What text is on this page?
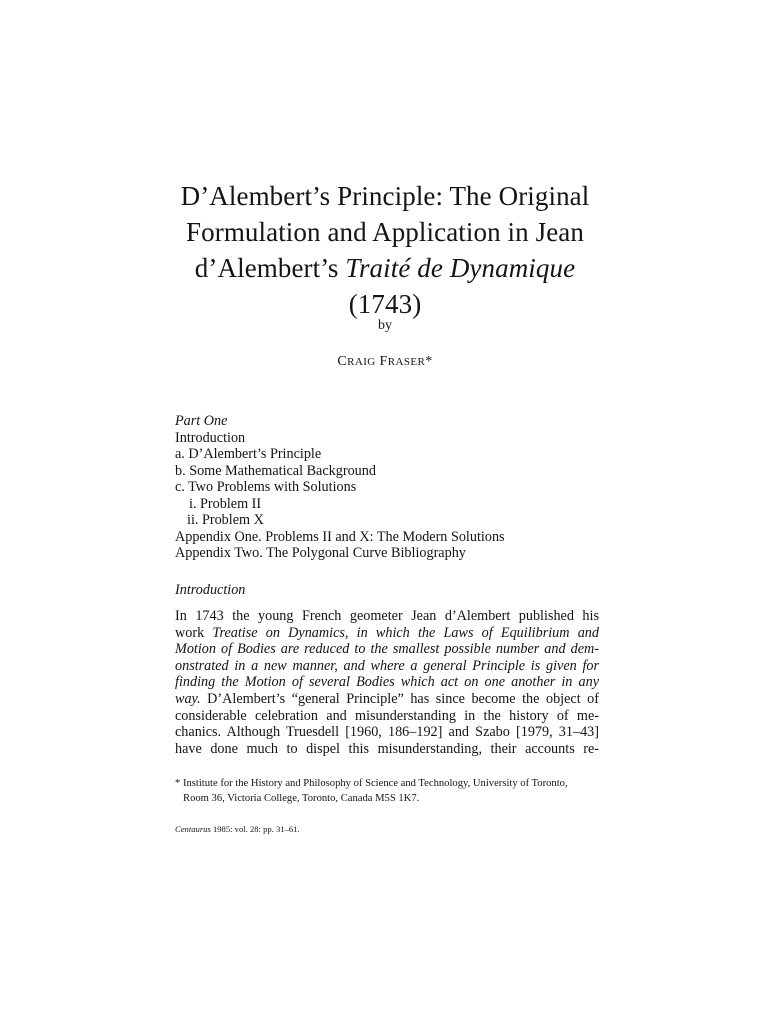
D’Alembert’s Principle: The Original
Formulation and Application in Jean
d’Alembert’s Traité de Dynamique
(1743)
by
CRAIG FRASER*
Part One
Introduction
a. D’Alembert’s Principle
b. Some Mathematical Background
c. Two Problems with Solutions
i. Problem II
ii. Problem X
Appendix One. Problems II and X: The Modern Solutions
Appendix Two. The Polygonal Curve Bibliography
Introduction
In 1743 the young French geometer Jean d’Alembert published his
work Treatise on Dynamics, in which the Laws of Equilibrium and
Motion of Bodies are reduced to the smallest possible number and dem-
onstrated in a new manner, and where a general Principle is given for
finding the Motion of several Bodies which act on one another in any
way. D’Alembert’s “general Principle” has since become the object of
considerable celebration and misunderstanding in the history of me-
chanics. Although Truesdell [1960, 186–192] and Szabo [1979, 31–43]
have done much to dispel this misunderstanding, their accounts re-
* Institute for the History and Philosophy of Science and Technology, University of Toronto,
Room 36, Victoria College, Toronto, Canada M5S 1K7.
Centaurus 1985: vol. 28: pp. 31–61.
